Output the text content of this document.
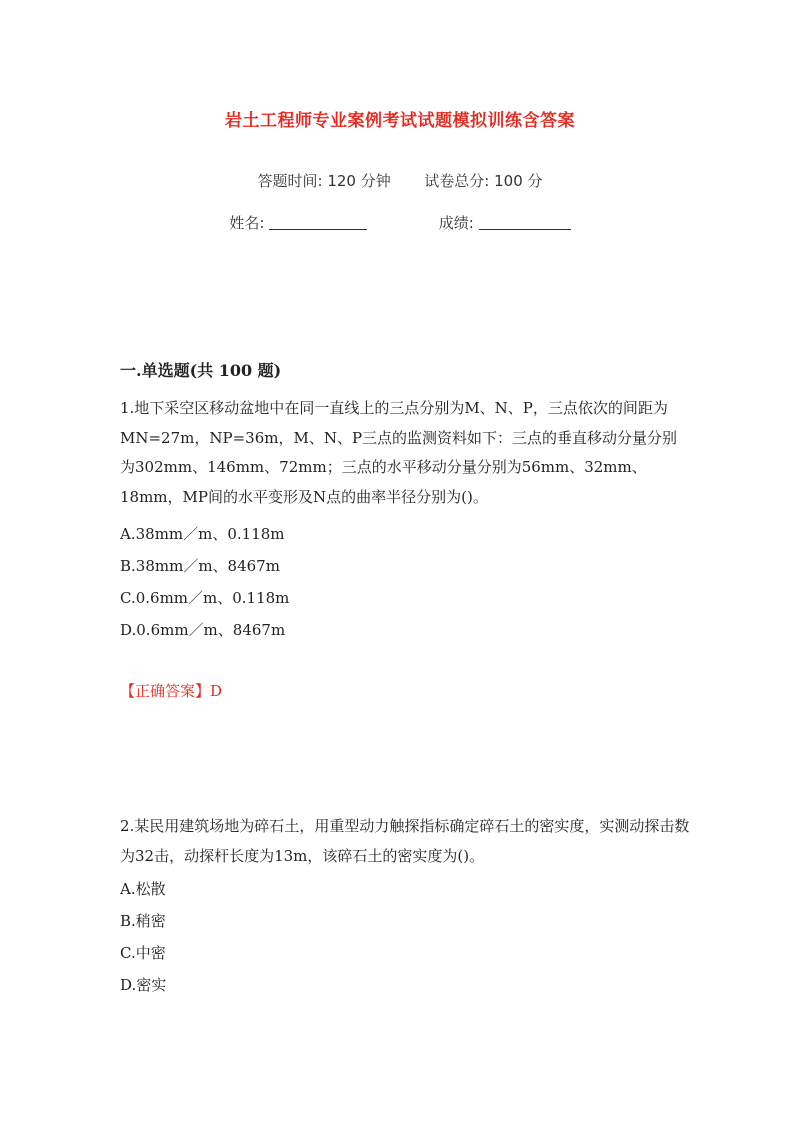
岩土工程师专业案例考试试题模拟训练含答案
答题时间: 120 分钟 试卷总分: 100 分
姓名:	成绩:
一.单选题(共 100 题)
1.地下采空区移动盆地中在同一直线上的三点分别为M、N、P，三点依次的间距为MN=27m，NP=36m，M、N、P三点的监测资料如下：三点的垂直移动分量分别为302mm、146mm、72mm；三点的水平移动分量分别为56mm、32mm、18mm，MP间的水平变形及N点的曲率半径分别为()。
A.38mm／m、0.118m
B.38mm／m、8467m
C.0.6mm／m、0.118m
D.0.6mm／m、8467m
【正确答案】D
2.某民用建筑场地为碎石土，用重型动力触探指标确定碎石土的密实度，实测动探击数为32击，动探杆长度为13m，该碎石土的密实度为()。
A.松散
B.稍密
C.中密
D.密实
